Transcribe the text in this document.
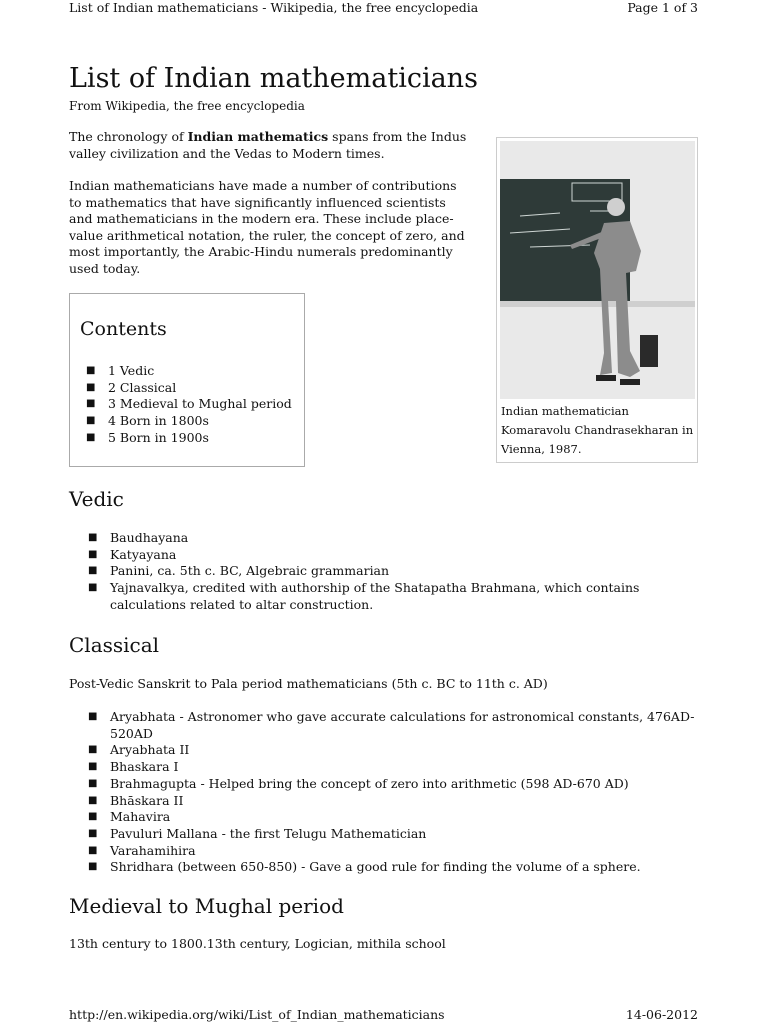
List of Indian mathematicians - Wikipedia, the free encyclopedia	Page 1 of 3
List of Indian mathematicians
From Wikipedia, the free encyclopedia

The chronology of Indian mathematics spans from the Indus valley civilization and the Vedas to Modern times.

Indian mathematicians have made a number of contributions to mathematics that have significantly influenced scientists and mathematicians in the modern era. These include place-value arithmetical notation, the ruler, the concept of zero, and most importantly, the Arabic-Hindu numerals predominantly used today.

Contents
■ 1 Vedic
■ 2 Classical
■ 3 Medieval to Mughal period
■ 4 Born in 1800s
■ 5 Born in 1900s
Indian mathematician Komaravolu Chandrasekharan in Vienna, 1987.
Vedic
■ Baudhayana
■ Katyayana
■ Panini, ca. 5th c. BC, Algebraic grammarian
■ Yajnavalkya, credited with authorship of the Shatapatha Brahmana, which contains calculations related to altar construction.
Classical
Post-Vedic Sanskrit to Pala period mathematicians (5th c. BC to 11th c. AD)
■ Aryabhata - Astronomer who gave accurate calculations for astronomical constants, 476AD-520AD
■ Aryabhata II
■ Bhaskara I
■ Brahmagupta - Helped bring the concept of zero into arithmetic (598 AD-670 AD)
■ Bhāskara II
■ Mahavira
■ Pavuluri Mallana - the first Telugu Mathematician
■ Varahamihira
■ Shridhara (between 650-850) - Gave a good rule for finding the volume of a sphere.
Medieval to Mughal period
13th century to 1800.13th century, Logician, mithila school
http://en.wikipedia.org/wiki/List_of_Indian_mathematicians	14-06-2012
